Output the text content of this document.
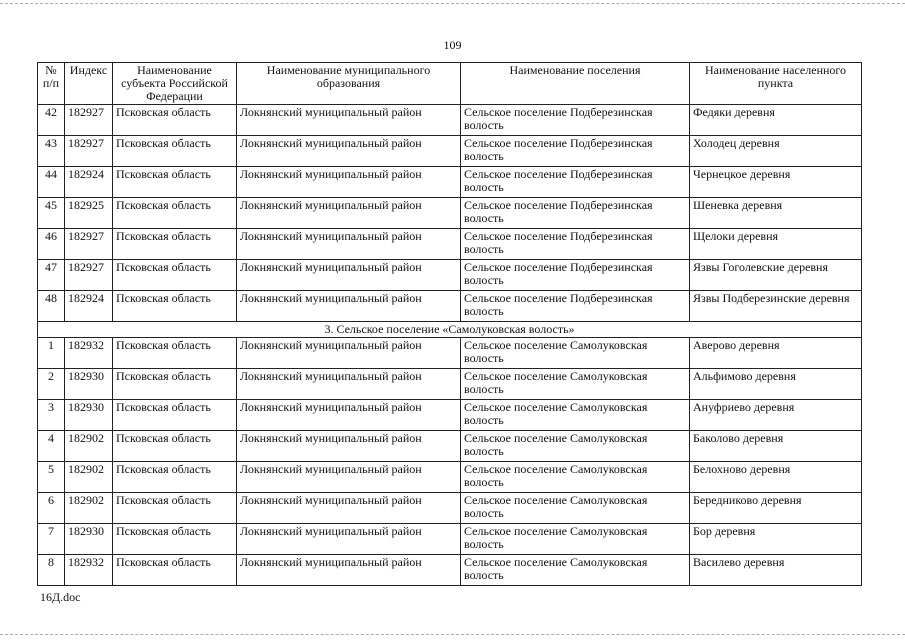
109
№ п/п	Индекс	Наименование субъекта Российской Федерации	Наименование муниципального образования	Наименование поселения	Наименование населенного пункта
42	182927	Псковская область	Локнянский муниципальный район	Сельское поселение Подберезинская волость	Федяки деревня
43	182927	Псковская область	Локнянский муниципальный район	Сельское поселение Подберезинская волость	Холодец деревня
44	182924	Псковская область	Локнянский муниципальный район	Сельское поселение Подберезинская волость	Чернецкое деревня
45	182925	Псковская область	Локнянский муниципальный район	Сельское поселение Подберезинская волость	Шеневка деревня
46	182927	Псковская область	Локнянский муниципальный район	Сельское поселение Подберезинская волость	Щелоки деревня
47	182927	Псковская область	Локнянский муниципальный район	Сельское поселение Подберезинская волость	Язвы Гоголевские деревня
48	182924	Псковская область	Локнянский муниципальный район	Сельское поселение Подберезинская волость	Язвы Подберезинские деревня
3. Сельское поселение «Самолуковская волость»					
1	182932	Псковская область	Локнянский муниципальный район	Сельское поселение Самолуковская волость	Аверово деревня
2	182930	Псковская область	Локнянский муниципальный район	Сельское поселение Самолуковская волость	Альфимово деревня
3	182930	Псковская область	Локнянский муниципальный район	Сельское поселение Самолуковская волость	Ануфриево деревня
4	182902	Псковская область	Локнянский муниципальный район	Сельское поселение Самолуковская волость	Баколово деревня
5	182902	Псковская область	Локнянский муниципальный район	Сельское поселение Самолуковская волость	Белохново деревня
6	182902	Псковская область	Локнянский муниципальный район	Сельское поселение Самолуковская волость	Бередниково деревня
7	182930	Псковская область	Локнянский муниципальный район	Сельское поселение Самолуковская волость	Бор деревня
8	182932	Псковская область	Локнянский муниципальный район	Сельское поселение Самолуковская волость	Василево деревня
16Д.doc
